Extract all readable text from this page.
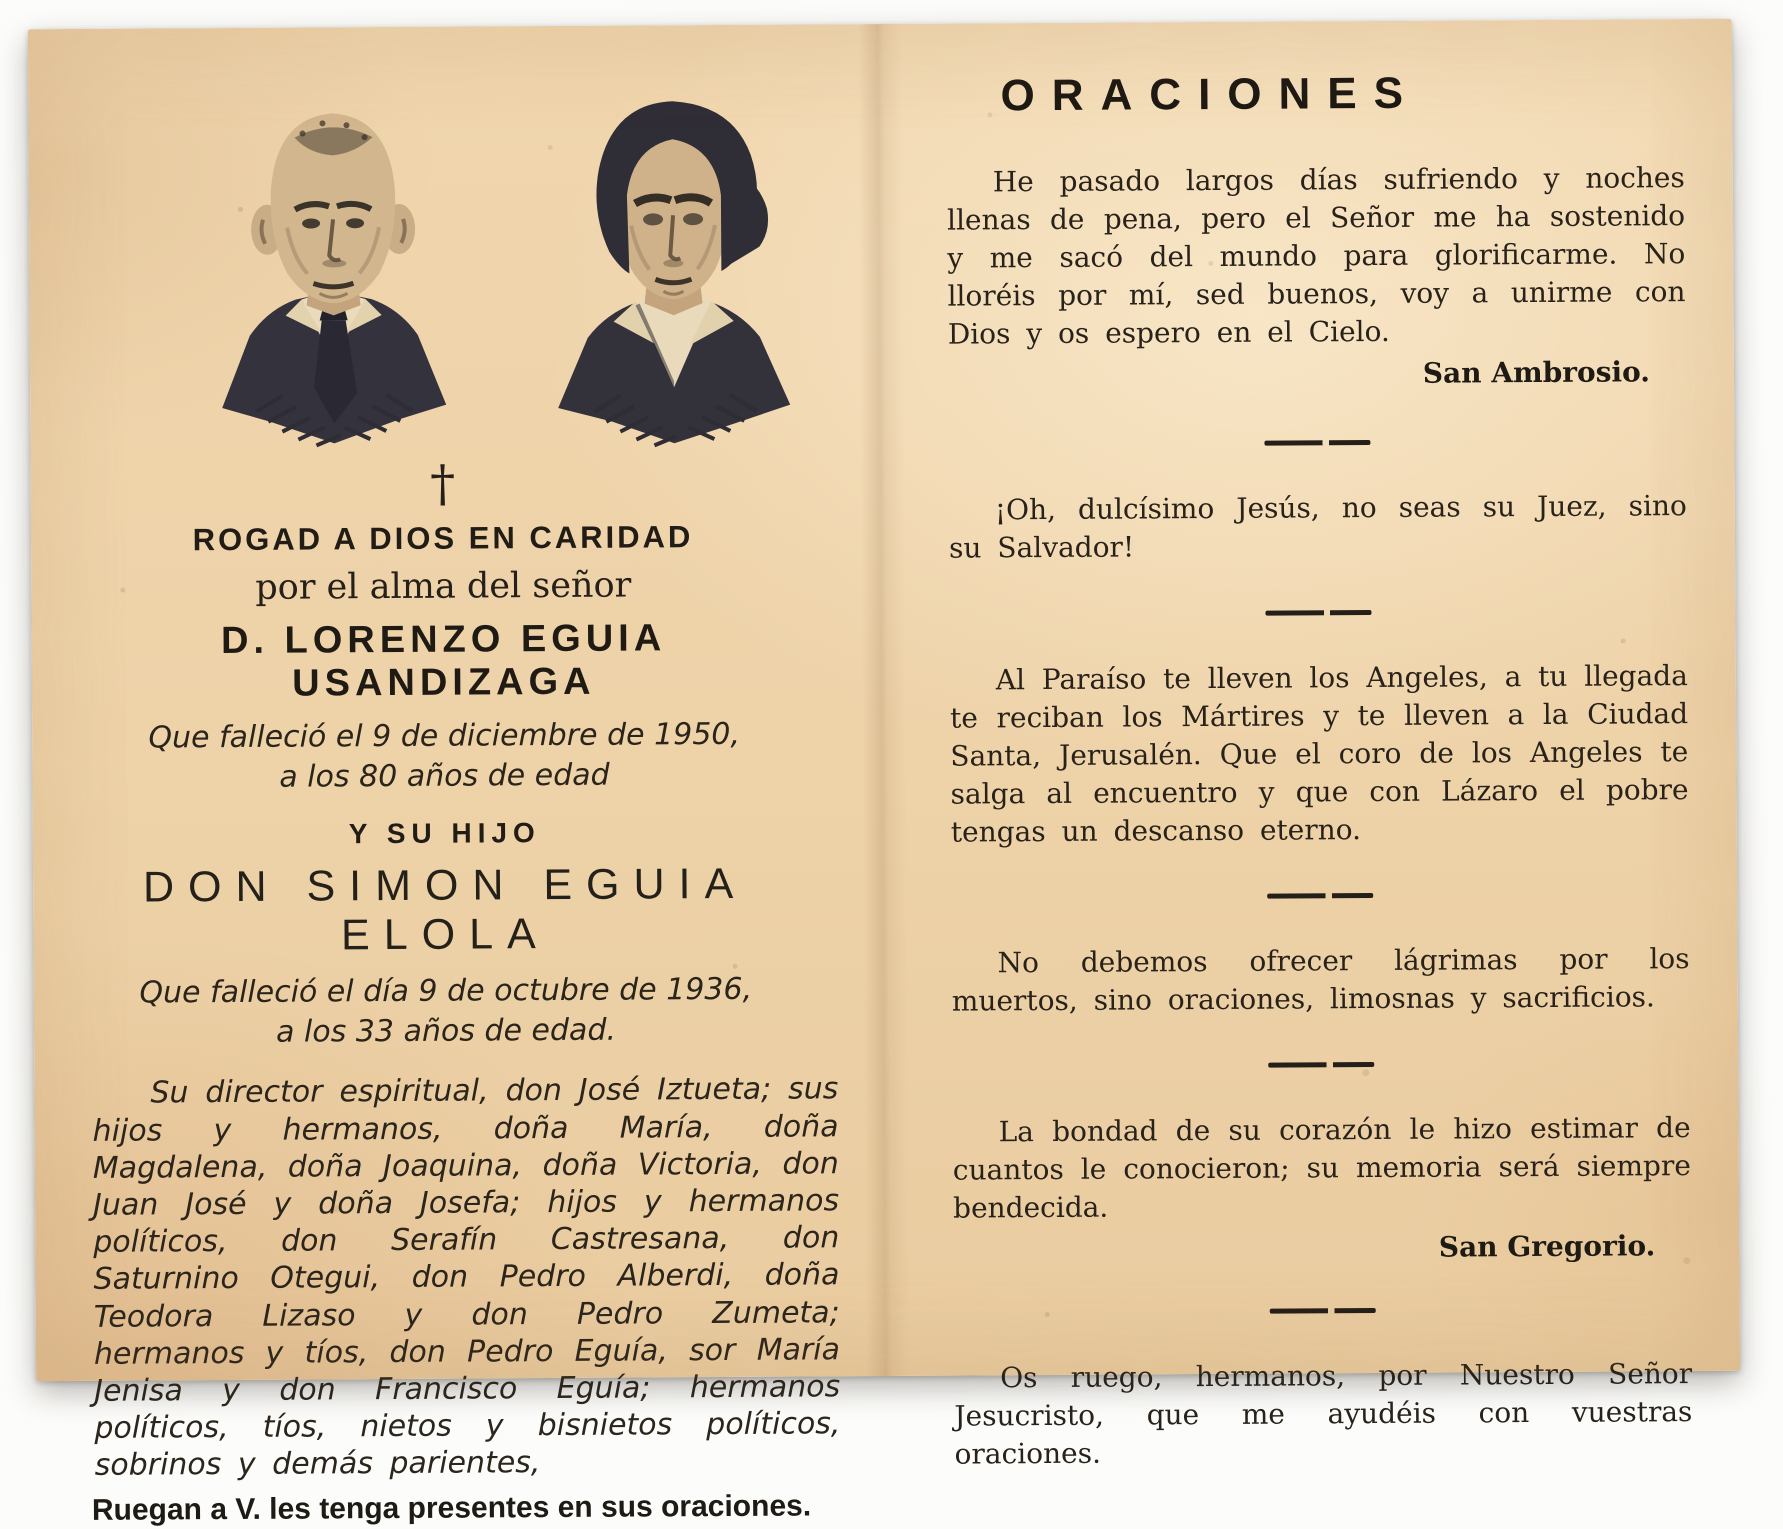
†
ROGAD A DIOS EN CARIDAD
por el alma del señor
D. LORENZO EGUIA USANDIZAGA
Que falleció el 9 de diciembre de 1950,
a los 80 años de edad
Y SU HIJO
DON SIMON EGUIA ELOLA
Que falleció el día 9 de octubre de 1936,
a los 33 años de edad.

Su director espiritual, don José Iztueta; sus hijos y hermanos, doña María, doña Magdalena, doña Joaquina, doña Victoria, don Juan José y doña Josefa; hijos y hermanos políticos, don Serafín Castresana, don Saturnino Otegui, don Pedro Alberdi, doña Teodora Lizaso y don Pedro Zumeta; hermanos y tíos, don Pedro Eguía, sor María Jenisa y don Francisco Eguía; hermanos políticos, tíos, nietos y bisnietos políticos, sobrinos y demás parientes,

Ruegan a V. les tenga presentes en sus oraciones.
ORACIONES

He pasado largos días sufriendo y noches llenas de pena, pero el Señor me ha sostenido y me sacó del mundo para glorificarme. No lloréis por mí, sed buenos, voy a unirme con Dios y os espero en el Cielo.

San Ambrosio.

¡Oh, dulcísimo Jesús, no seas su Juez, sino su Salvador!

Al Paraíso te lleven los Angeles, a tu llegada te reciban los Mártires y te lleven a la Ciudad Santa, Jerusalén. Que el coro de los Angeles te salga al encuentro y que con Lázaro el pobre tengas un descanso eterno.

No debemos ofrecer lágrimas por los muertos, sino oraciones, limosnas y sacrificios.

La bondad de su corazón le hizo estimar de cuantos le conocieron; su memoria será siempre bendecida.

San Gregorio.

Os ruego, hermanos, por Nuestro Señor Jesucristo, que me ayudéis con vuestras oraciones.
